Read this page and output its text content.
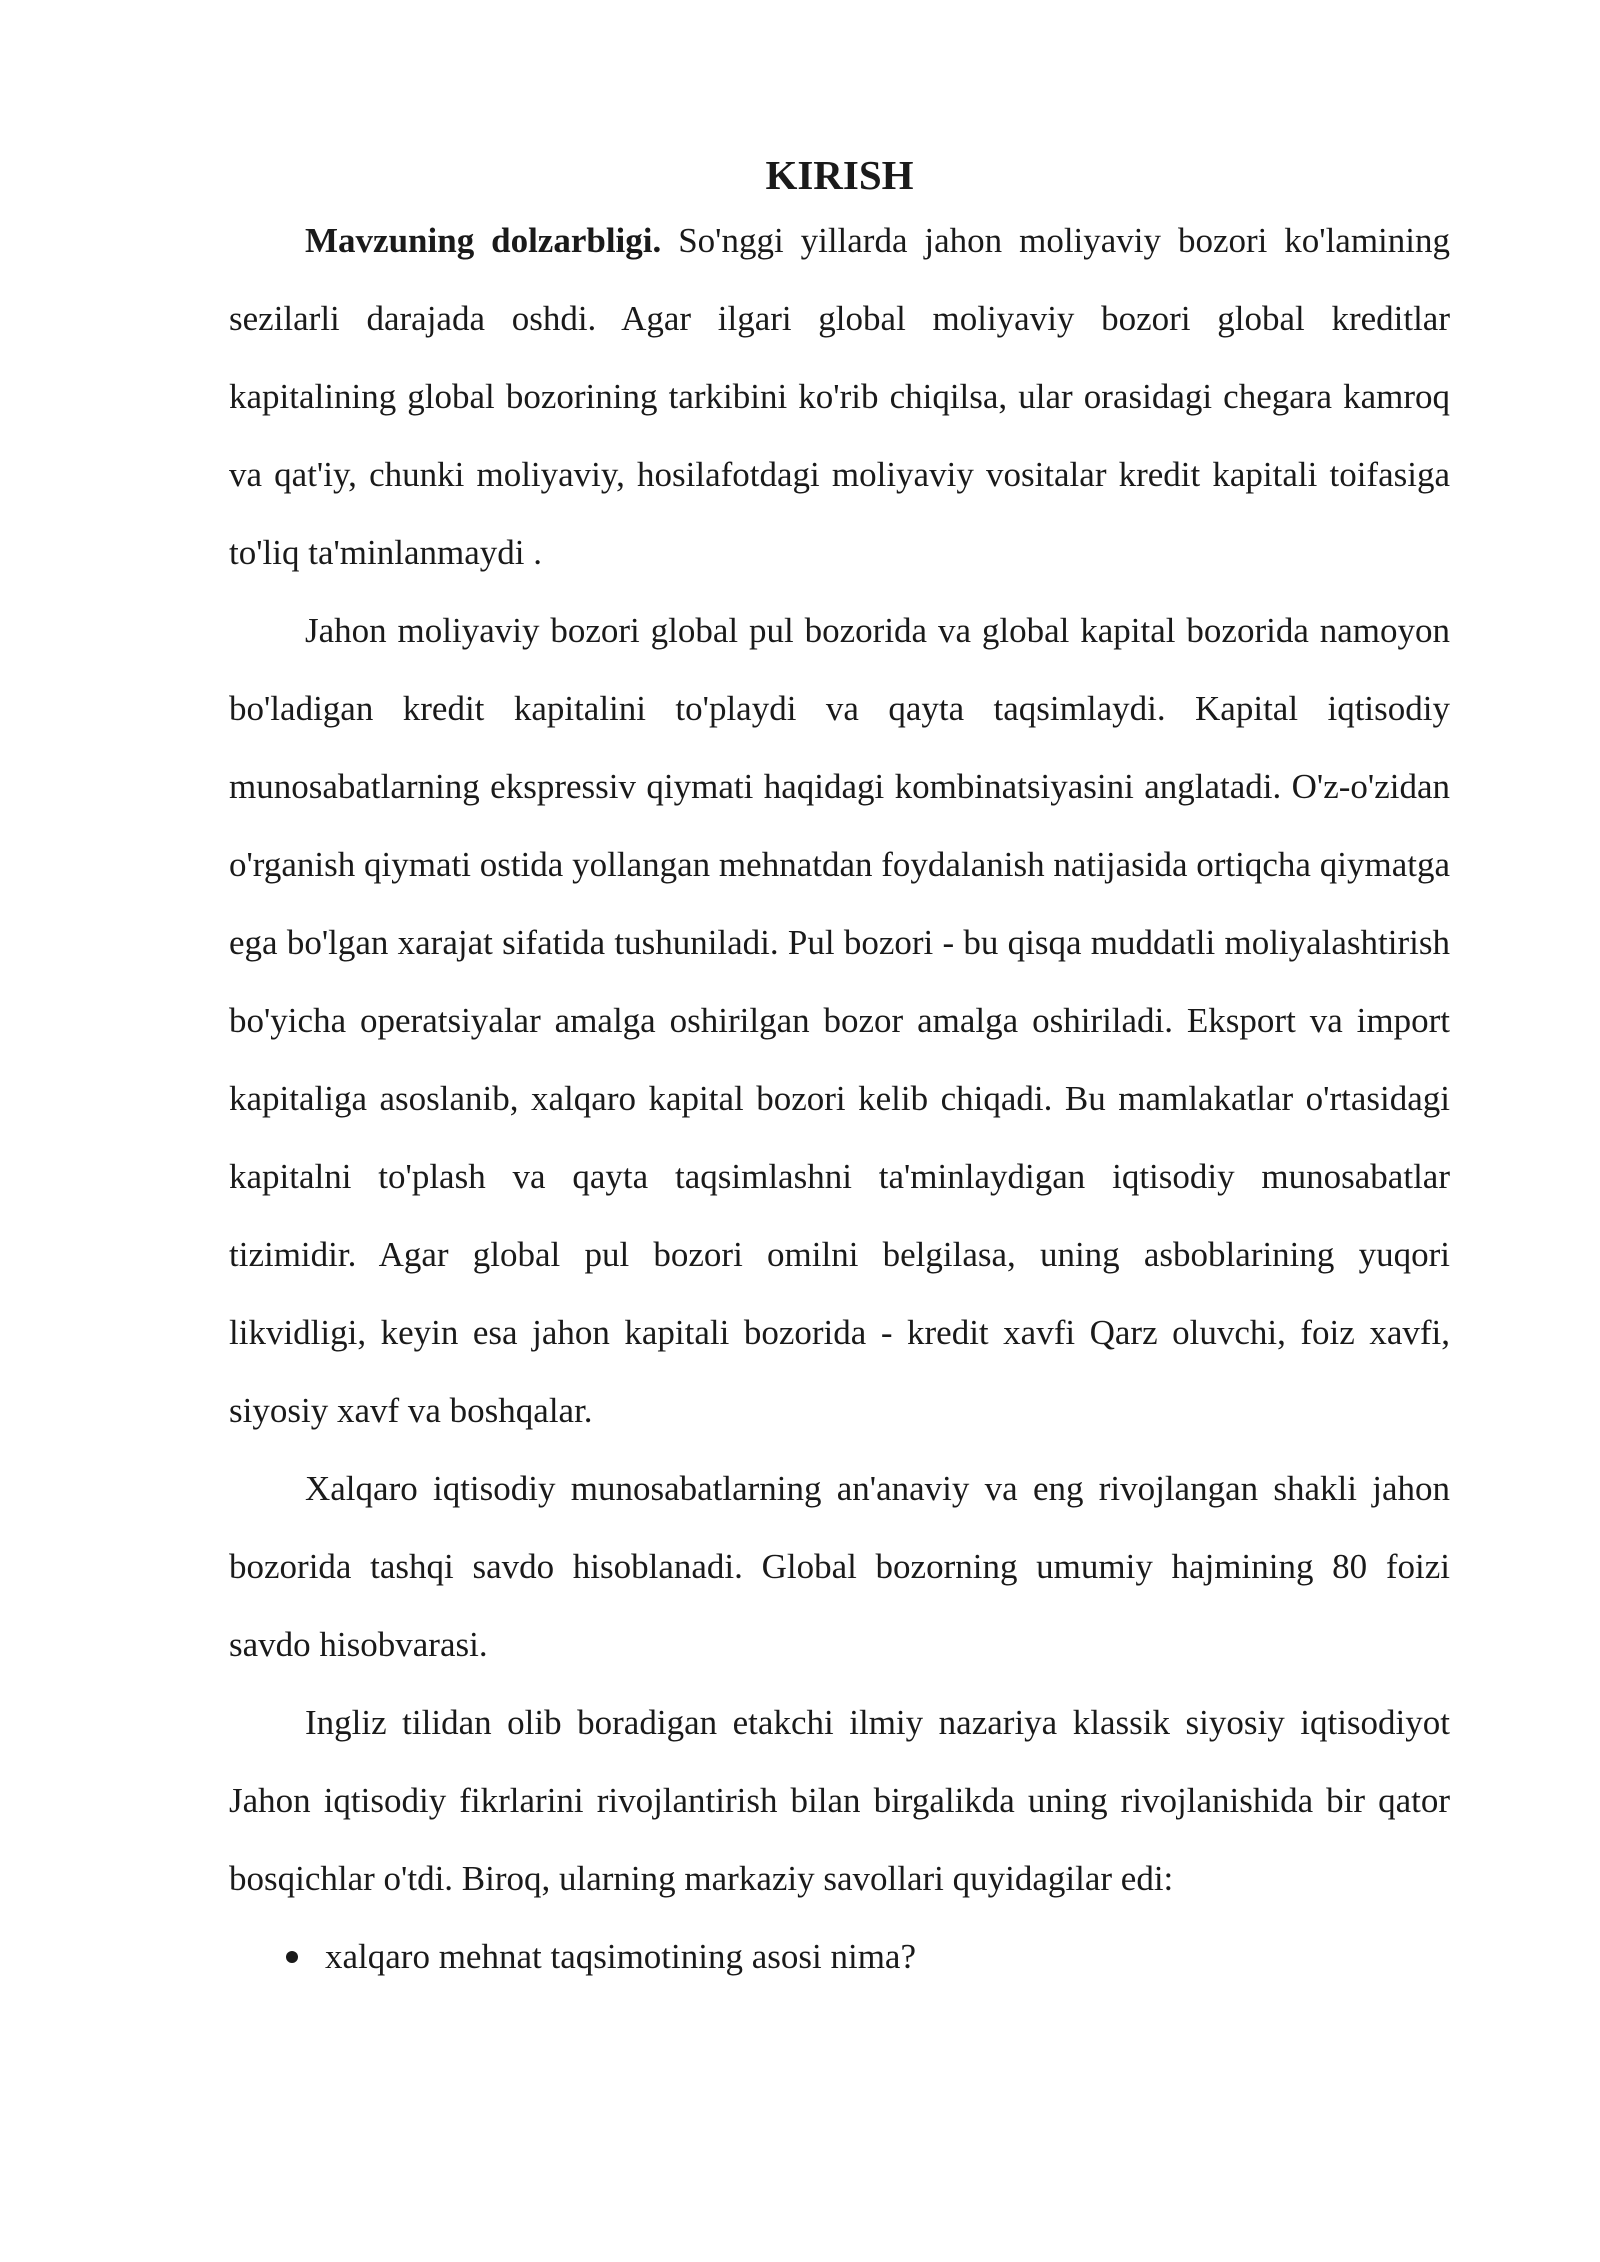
KIRISH

Mavzuning dolzarbligi. So'nggi yillarda jahon moliyaviy bozori ko'lamining sezilarli darajada oshdi. Agar ilgari global moliyaviy bozori global kreditlar kapitalining global bozorining tarkibini ko'rib chiqilsa, ular orasidagi chegara kamroq va qat'iy, chunki moliyaviy, hosilafotdagi moliyaviy vositalar kredit kapitali toifasiga to'liq ta'minlanmaydi .

Jahon moliyaviy bozori global pul bozorida va global kapital bozorida namoyon bo'ladigan kredit kapitalini to'playdi va qayta taqsimlaydi. Kapital iqtisodiy munosabatlarning ekspressiv qiymati haqidagi kombinatsiyasini anglatadi. O'z-o'zidan o'rganish qiymati ostida yollangan mehnatdan foydalanish natijasida ortiqcha qiymatga ega bo'lgan xarajat sifatida tushuniladi. Pul bozori - bu qisqa muddatli moliyalashtirish bo'yicha operatsiyalar amalga oshirilgan bozor amalga oshiriladi. Eksport va import kapitaliga asoslanib, xalqaro kapital bozori kelib chiqadi. Bu mamlakatlar o'rtasidagi kapitalni to'plash va qayta taqsimlashni ta'minlaydigan iqtisodiy munosabatlar tizimidir. Agar global pul bozori omilni belgilasa, uning asboblarining yuqori likvidligi, keyin esa jahon kapitali bozorida - kredit xavfi Qarz oluvchi, foiz xavfi, siyosiy xavf va boshqalar.

Xalqaro iqtisodiy munosabatlarning an'anaviy va eng rivojlangan shakli jahon bozorida tashqi savdo hisoblanadi. Global bozorning umumiy hajmining 80 foizi savdo hisobvarasi.

Ingliz tilidan olib boradigan etakchi ilmiy nazariya klassik siyosiy iqtisodiyot Jahon iqtisodiy fikrlarini rivojlantirish bilan birgalikda uning rivojlanishida bir qator bosqichlar o'tdi. Biroq, ularning markaziy savollari quyidagilar edi:

xalqaro mehnat taqsimotining asosi nima?
